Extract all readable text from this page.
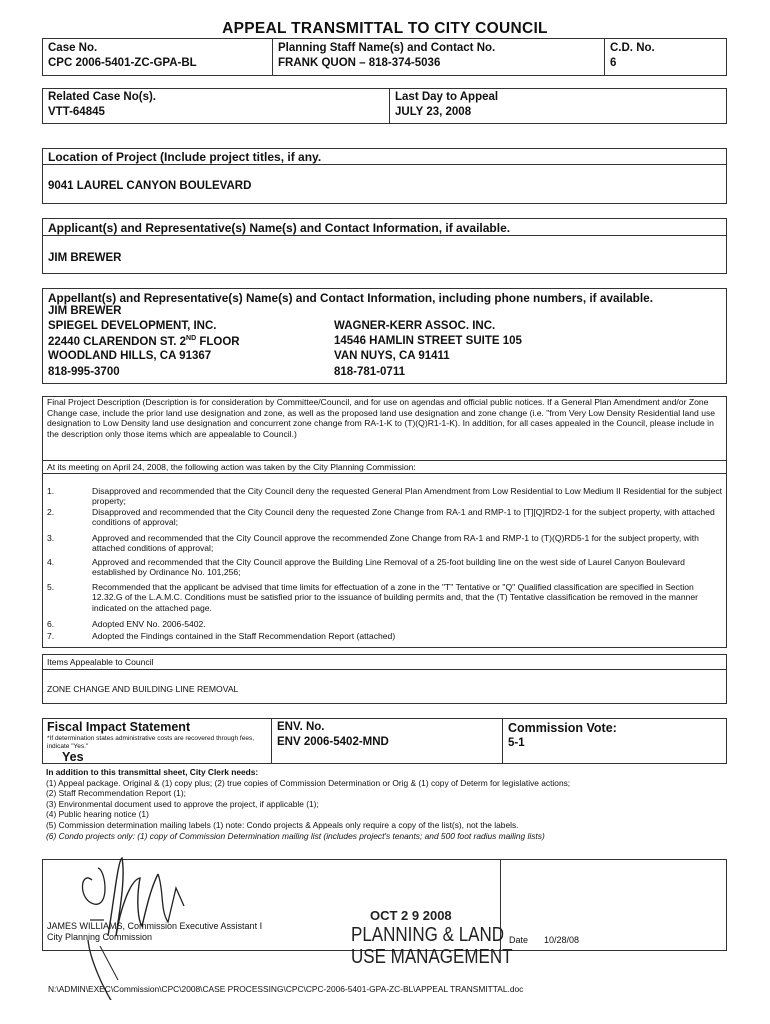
APPEAL TRANSMITTAL TO CITY COUNCIL
Case No.
CPC 2006-5401-ZC-GPA-BL
Planning Staff Name(s) and Contact No.
FRANK QUON – 818-374-5036
C.D. No.
6
Related Case No(s).
VTT-64845
Last Day to Appeal
JULY 23, 2008
Location of Project (Include project titles, if any.
9041 LAUREL CANYON BOULEVARD
Applicant(s) and Representative(s) Name(s) and Contact Information, if available.
JIM BREWER
Appellant(s) and Representative(s) Name(s) and Contact Information, including phone numbers, if available.
JIM BREWER
SPIEGEL DEVELOPMENT, INC.
22440 CLARENDON ST. 2ND FLOOR
WOODLAND HILLS, CA 91367
818-995-3700
WAGNER-KERR ASSOC. INC.
14546 HAMLIN STREET SUITE 105
VAN NUYS, CA 91411
818-781-0711
Final Project Description (Description is for consideration by Committee/Council, and for use on agendas and official public notices. If a General Plan Amendment and/or Zone Change case, include the prior land use designation and zone, as well as the proposed land use designation and zone change (i.e. "from Very Low Density Residential land use designation to Low Density land use designation and concurrent zone change from RA-1-K to (T)(Q)R1-1-K). In addition, for all cases appealed in the Council, please include in the description only those items which are appealable to Council.)
At its meeting on April 24, 2008, the following action was taken by the City Planning Commission:
1.	Disapproved and recommended that the City Council deny the requested General Plan Amendment from Low Residential to Low Medium II Residential for the subject property;
2.	Disapproved and recommended that the City Council deny the requested Zone Change from RA-1 and RMP-1 to [T][Q]RD2-1 for the subject property, with attached conditions of approval;
3.	Approved and recommended that the City Council approve the recommended Zone Change from RA-1 and RMP-1 to (T)(Q)RD5-1 for the subject property, with attached conditions of approval;
4.	Approved and recommended that the City Council approve the Building Line Removal of a 25-foot building line on the west side of Laurel Canyon Boulevard established by Ordinance No. 101,256;
5.	Recommended that the applicant be advised that time limits for effectuation of a zone in the "T" Tentative or "Q" Qualified classification are specified in Section 12.32.G of the L.A.M.C. Conditions must be satisfied prior to the issuance of building permits and, that the (T) Tentative classification be removed in the manner indicated on the attached page.
6.	Adopted ENV No. 2006-5402.
7.	Adopted the Findings contained in the Staff Recommendation Report (attached)
Items Appealable to Council
ZONE CHANGE AND BUILDING LINE REMOVAL
Fiscal Impact Statement
*If determination states administrative costs are recovered through fees, indicate "Yes."
Yes
ENV. No.
ENV 2006-5402-MND
Commission Vote:
5-1
In addition to this transmittal sheet, City Clerk needs:
(1) Appeal package. Original & (1) copy plus; (2) true copies of Commission Determination or Orig & (1) copy of Determ for legislative actions;
(2) Staff Recommendation Report (1);
(3) Environmental document used to approve the project, if applicable (1);
(4) Public hearing notice (1)
(5) Commission determination mailing labels (1) note: Condo projects & Appeals only require a copy of the list(s), not the labels.
(6) Condo projects only: (1) copy of Commission Determination mailing list (includes project's tenants; and 500 foot radius mailing lists)
JAMES WILLIAMS, Commission Executive Assistant I
City Planning Commission
OCT 2 9 2008
PLANNING & LAND
USE MANAGEMENT
Date 10/28/08
N:\ADMIN\EXEC\Commission\CPC\2008\CASE PROCESSING\CPC\CPC-2006-5401-GPA-ZC-BL\APPEAL TRANSMITTAL.doc
